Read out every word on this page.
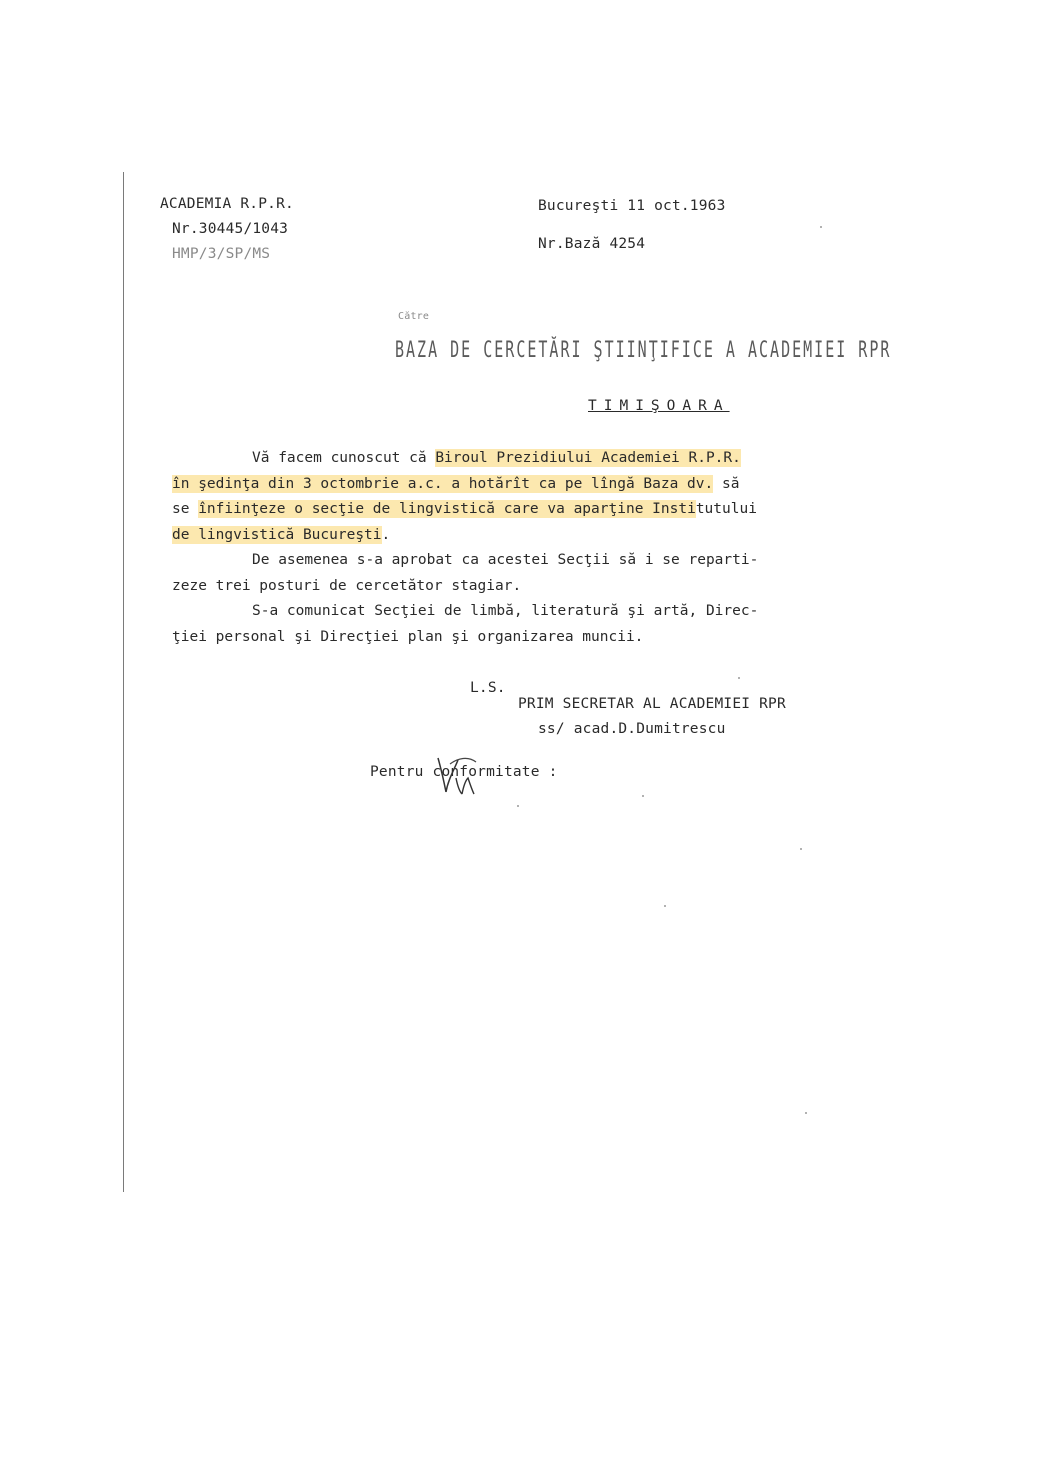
ACADEMIA R.P.R.
Nr.30445/1043
HMP/3/SP/MS
Bucureşti 11 oct.1963
Nr.Bază 4254
Către
BAZA DE CERCETĂRI ŞTIINŢIFICE A ACADEMIEI RPR
TIMIŞOARA
Vă facem cunoscut că Biroul Prezidiului Academiei R.P.R.
în şedinţa din 3 octombrie a.c. a hotărît ca pe lîngă Baza dv. să
se înfiinţeze o secţie de lingvistică care va aparţine Institutului
de lingvistică Bucureşti.
De asemenea s-a aprobat ca acestei Secţii să i se reparti-
zeze trei posturi de cercetător stagiar.
S-a comunicat Secţiei de limbă, literatură şi artă, Direc-
ţiei personal şi Direcţiei plan şi organizarea muncii.
L.S.
PRIM SECRETAR AL ACADEMIEI RPR
ss/ acad.D.Dumitrescu
Pentru conformitate :
